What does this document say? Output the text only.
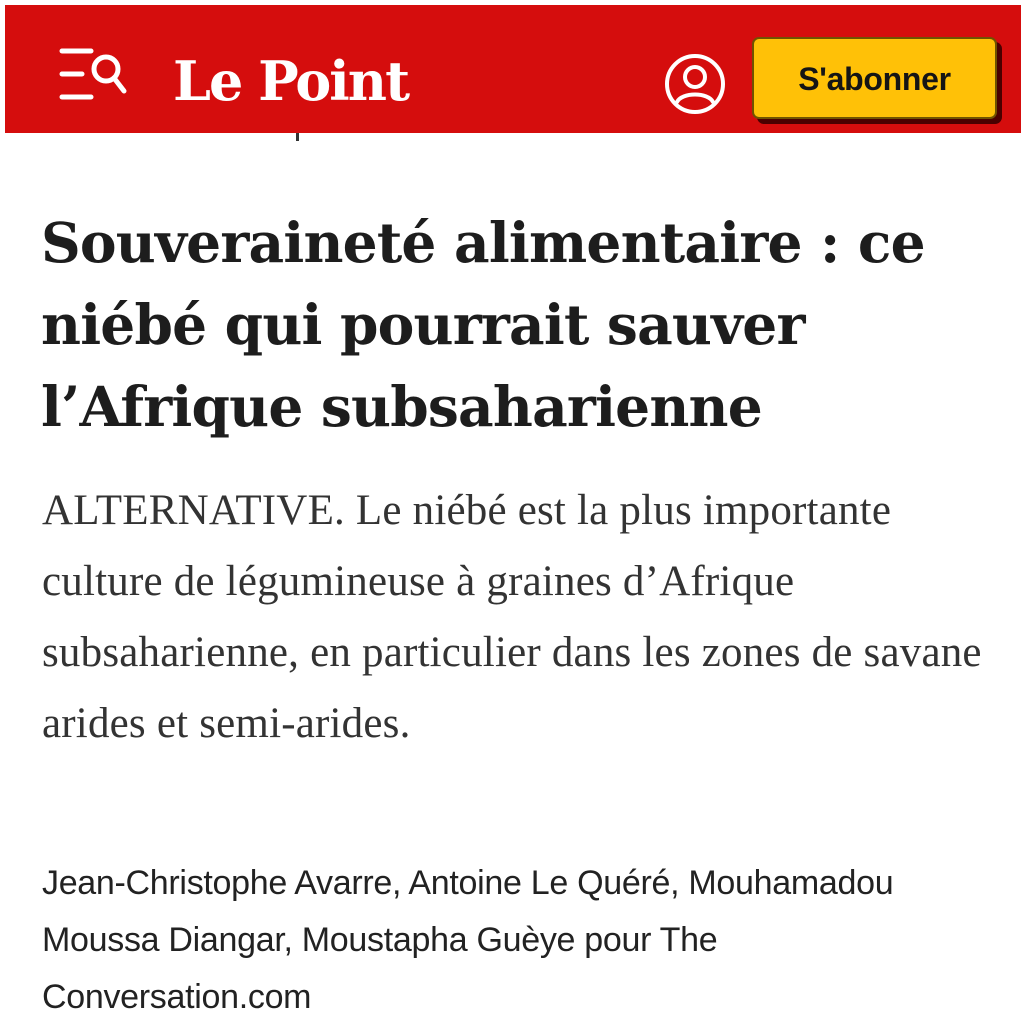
Le Point	S'abonner
Souveraineté alimentaire : ce niébé qui pourrait sauver l’Afrique subsaharienne

ALTERNATIVE. Le niébé est la plus importante culture de légumineuse à graines d’Afrique subsaharienne, en particulier dans les zones de savane arides et semi-arides.

Jean-Christophe Avarre, Antoine Le Quéré, Mouhamadou Moussa Diangar, Moustapha Guèye pour The Conversation.com
